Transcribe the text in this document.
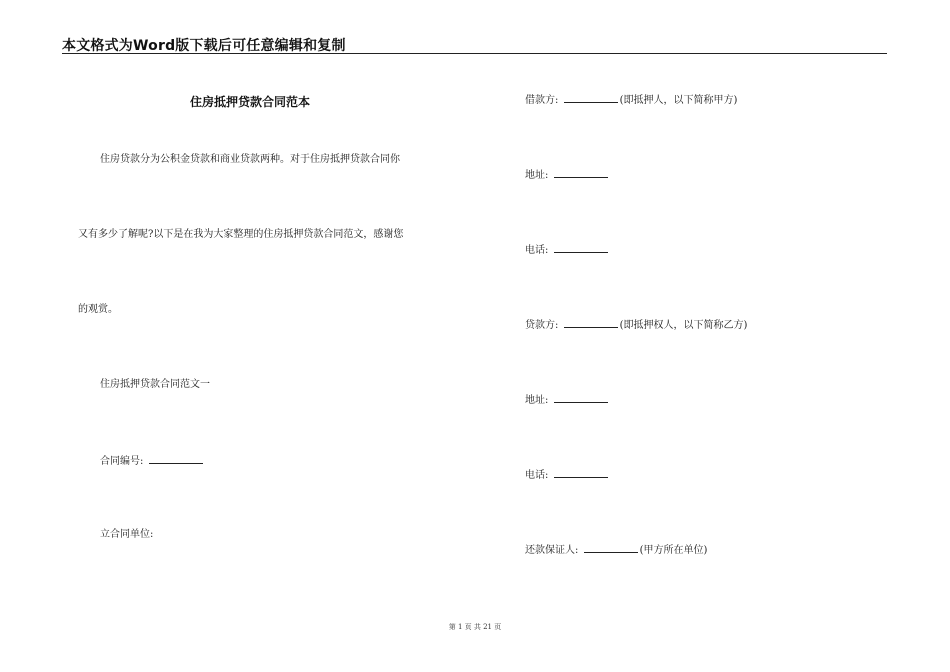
本文格式为Word版下载后可任意编辑和复制
住房抵押贷款合同范本
住房贷款分为公积金贷款和商业贷款两种。对于住房抵押贷款合同你
又有多少了解呢?以下是在我为大家整理的住房抵押贷款合同范文，感谢您
的观赏。
住房抵押贷款合同范文一
合同编号:
立合同单位:
借款方:	(即抵押人，以下简称甲方)
地址:
电话:
贷款方:	(即抵押权人，以下简称乙方)
地址:
电话:
还款保证人:	(甲方所在单位)
第 1 页 共 21 页
